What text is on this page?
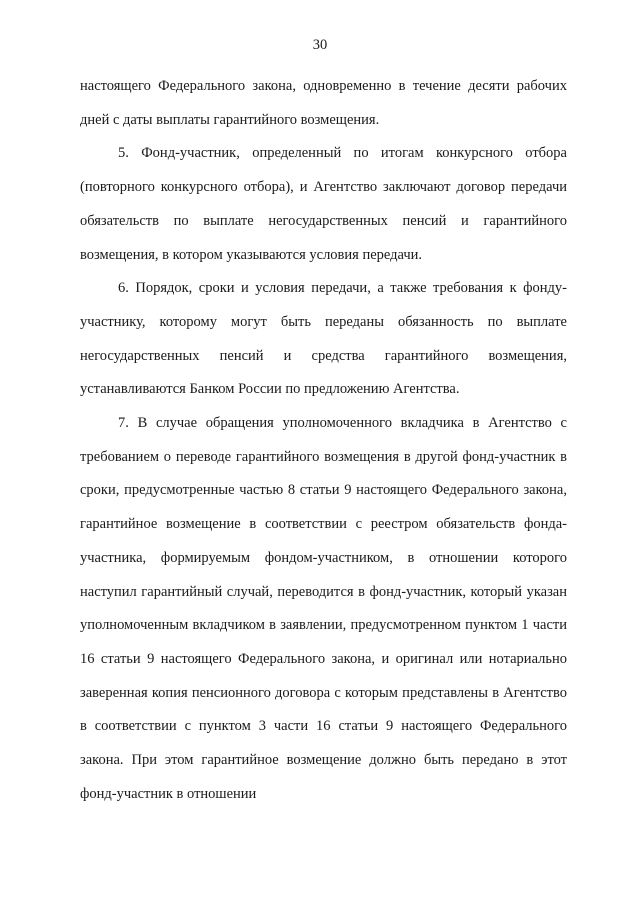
30

настоящего Федерального закона, одновременно в течение десяти рабочих дней с даты выплаты гарантийного возмещения.

5. Фонд-участник, определенный по итогам конкурсного отбора (повторного конкурсного отбора), и Агентство заключают договор передачи обязательств по выплате негосударственных пенсий и гарантийного возмещения, в котором указываются условия передачи.

6. Порядок, сроки и условия передачи, а также требования к фонду-участнику, которому могут быть переданы обязанность по выплате негосударственных пенсий и средства гарантийного возмещения, устанавливаются Банком России по предложению Агентства.

7. В случае обращения уполномоченного вкладчика в Агентство с требованием о переводе гарантийного возмещения в другой фонд-участник в сроки, предусмотренные частью 8 статьи 9 настоящего Федерального закона, гарантийное возмещение в соответствии с реестром обязательств фонда-участника, формируемым фондом-участником, в отношении которого наступил гарантийный случай, переводится в фонд-участник, который указан уполномоченным вкладчиком в заявлении, предусмотренном пунктом 1 части 16 статьи 9 настоящего Федерального закона, и оригинал или нотариально заверенная копия пенсионного договора с которым представлены в Агентство в соответствии с пунктом 3 части 16 статьи 9 настоящего Федерального закона. При этом гарантийное возмещение должно быть передано в этот фонд-участник в отношении
